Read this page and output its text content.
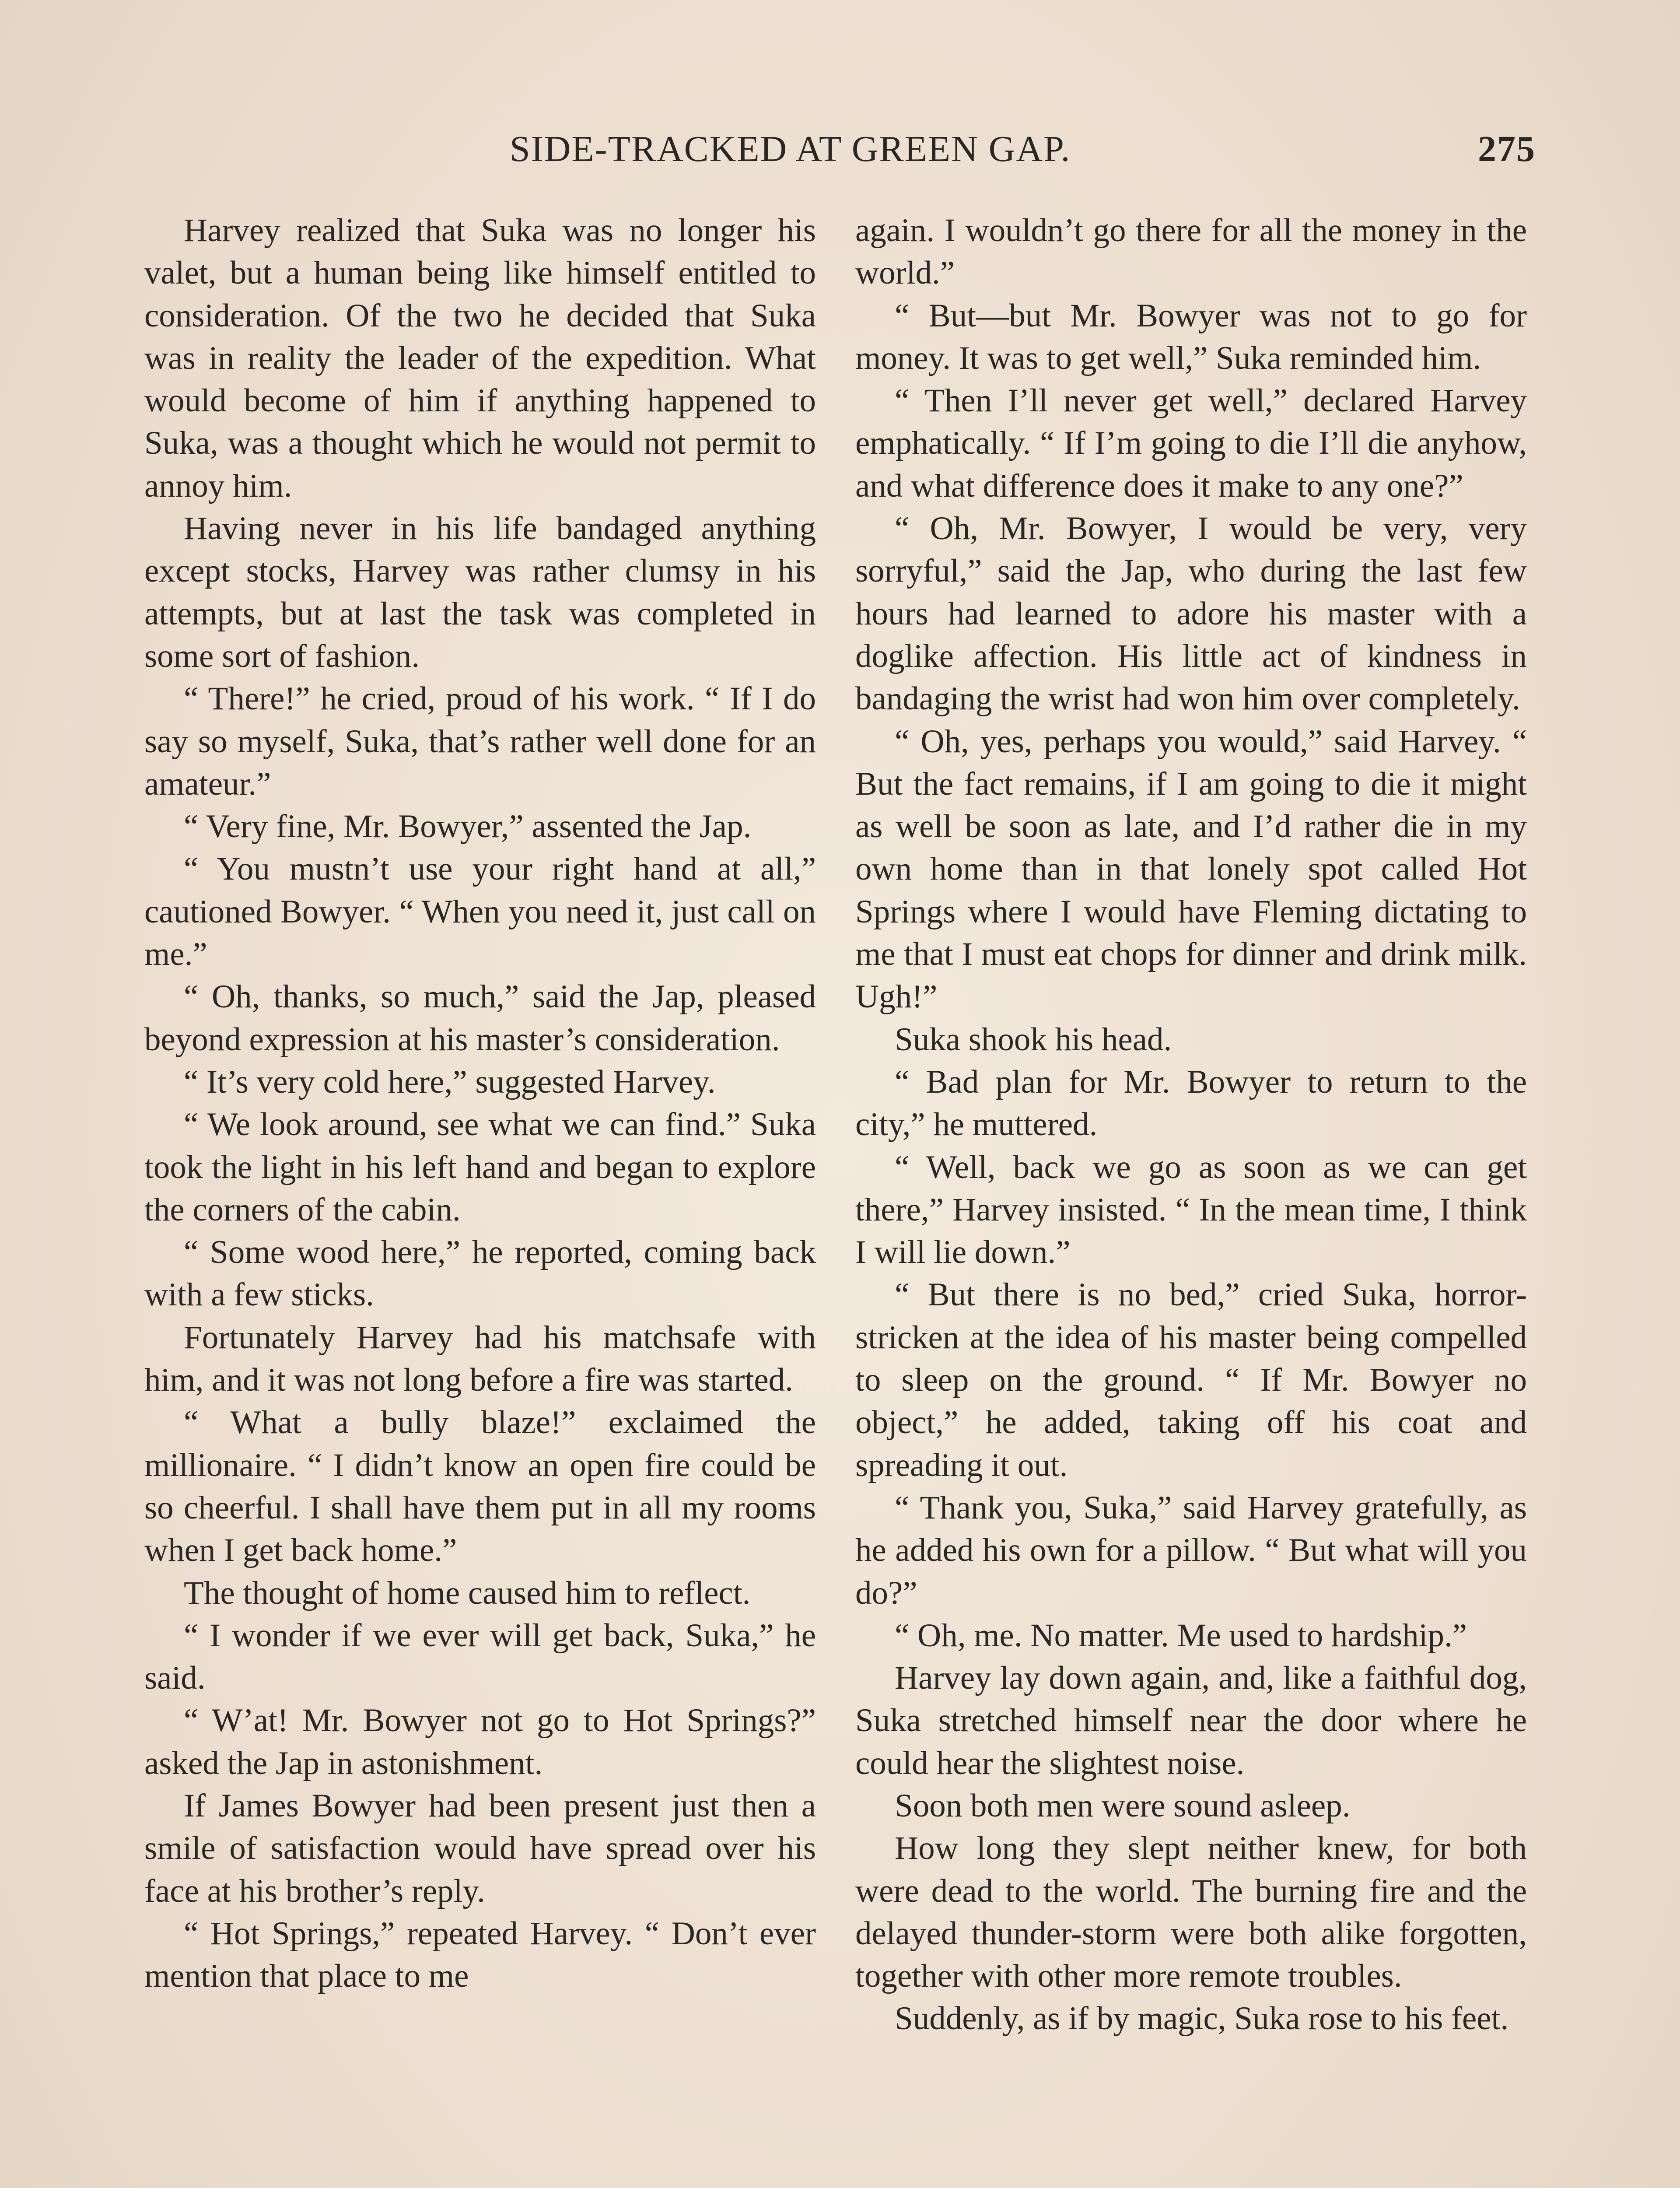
SIDE-TRACKED AT GREEN GAP.	275

Harvey realized that Suka was no longer his valet, but a human being like himself entitled to consideration. Of the two he decided that Suka was in reality the leader of the expedition. What would become of him if anything happened to Suka, was a thought which he would not permit to annoy him.

Having never in his life bandaged anything except stocks, Harvey was rather clumsy in his attempts, but at last the task was completed in some sort of fashion.

“ There!” he cried, proud of his work. “ If I do say so myself, Suka, that’s rather well done for an amateur.”

“ Very fine, Mr. Bowyer,” assented the Jap.

“ You mustn’t use your right hand at all,” cautioned Bowyer. “ When you need it, just call on me.”

“ Oh, thanks, so much,” said the Jap, pleased beyond expression at his master’s consideration.

“ It’s very cold here,” suggested Harvey.

“ We look around, see what we can find.” Suka took the light in his left hand and began to explore the corners of the cabin.

“ Some wood here,” he reported, coming back with a few sticks.

Fortunately Harvey had his matchsafe with him, and it was not long before a fire was started.

“ What a bully blaze!” exclaimed the millionaire. “ I didn’t know an open fire could be so cheerful. I shall have them put in all my rooms when I get back home.”

The thought of home caused him to reflect.

“ I wonder if we ever will get back, Suka,” he said.

“ W’at! Mr. Bowyer not go to Hot Springs?” asked the Jap in astonishment.

If James Bowyer had been present just then a smile of satisfaction would have spread over his face at his brother’s reply.

“ Hot Springs,” repeated Harvey. “ Don’t ever mention that place to me

again. I wouldn’t go there for all the money in the world.”

“ But—but Mr. Bowyer was not to go for money. It was to get well,” Suka reminded him.

“ Then I’ll never get well,” declared Harvey emphatically. “ If I’m going to die I’ll die anyhow, and what difference does it make to any one?”

“ Oh, Mr. Bowyer, I would be very, very sorryful,” said the Jap, who during the last few hours had learned to adore his master with a doglike affection. His little act of kindness in bandaging the wrist had won him over completely.

“ Oh, yes, perhaps you would,” said Harvey. “ But the fact remains, if I am going to die it might as well be soon as late, and I’d rather die in my own home than in that lonely spot called Hot Springs where I would have Fleming dictating to me that I must eat chops for dinner and drink milk. Ugh!”

Suka shook his head.

“ Bad plan for Mr. Bowyer to return to the city,” he muttered.

“ Well, back we go as soon as we can get there,” Harvey insisted. “ In the mean time, I think I will lie down.”

“ But there is no bed,” cried Suka, horror-stricken at the idea of his master being compelled to sleep on the ground. “ If Mr. Bowyer no object,” he added, taking off his coat and spreading it out.

“ Thank you, Suka,” said Harvey gratefully, as he added his own for a pillow. “ But what will you do?”

“ Oh, me. No matter. Me used to hardship.”

Harvey lay down again, and, like a faithful dog, Suka stretched himself near the door where he could hear the slightest noise.

Soon both men were sound asleep.

How long they slept neither knew, for both were dead to the world. The burning fire and the delayed thunder-storm were both alike forgotten, together with other more remote troubles.

Suddenly, as if by magic, Suka rose to his feet.
